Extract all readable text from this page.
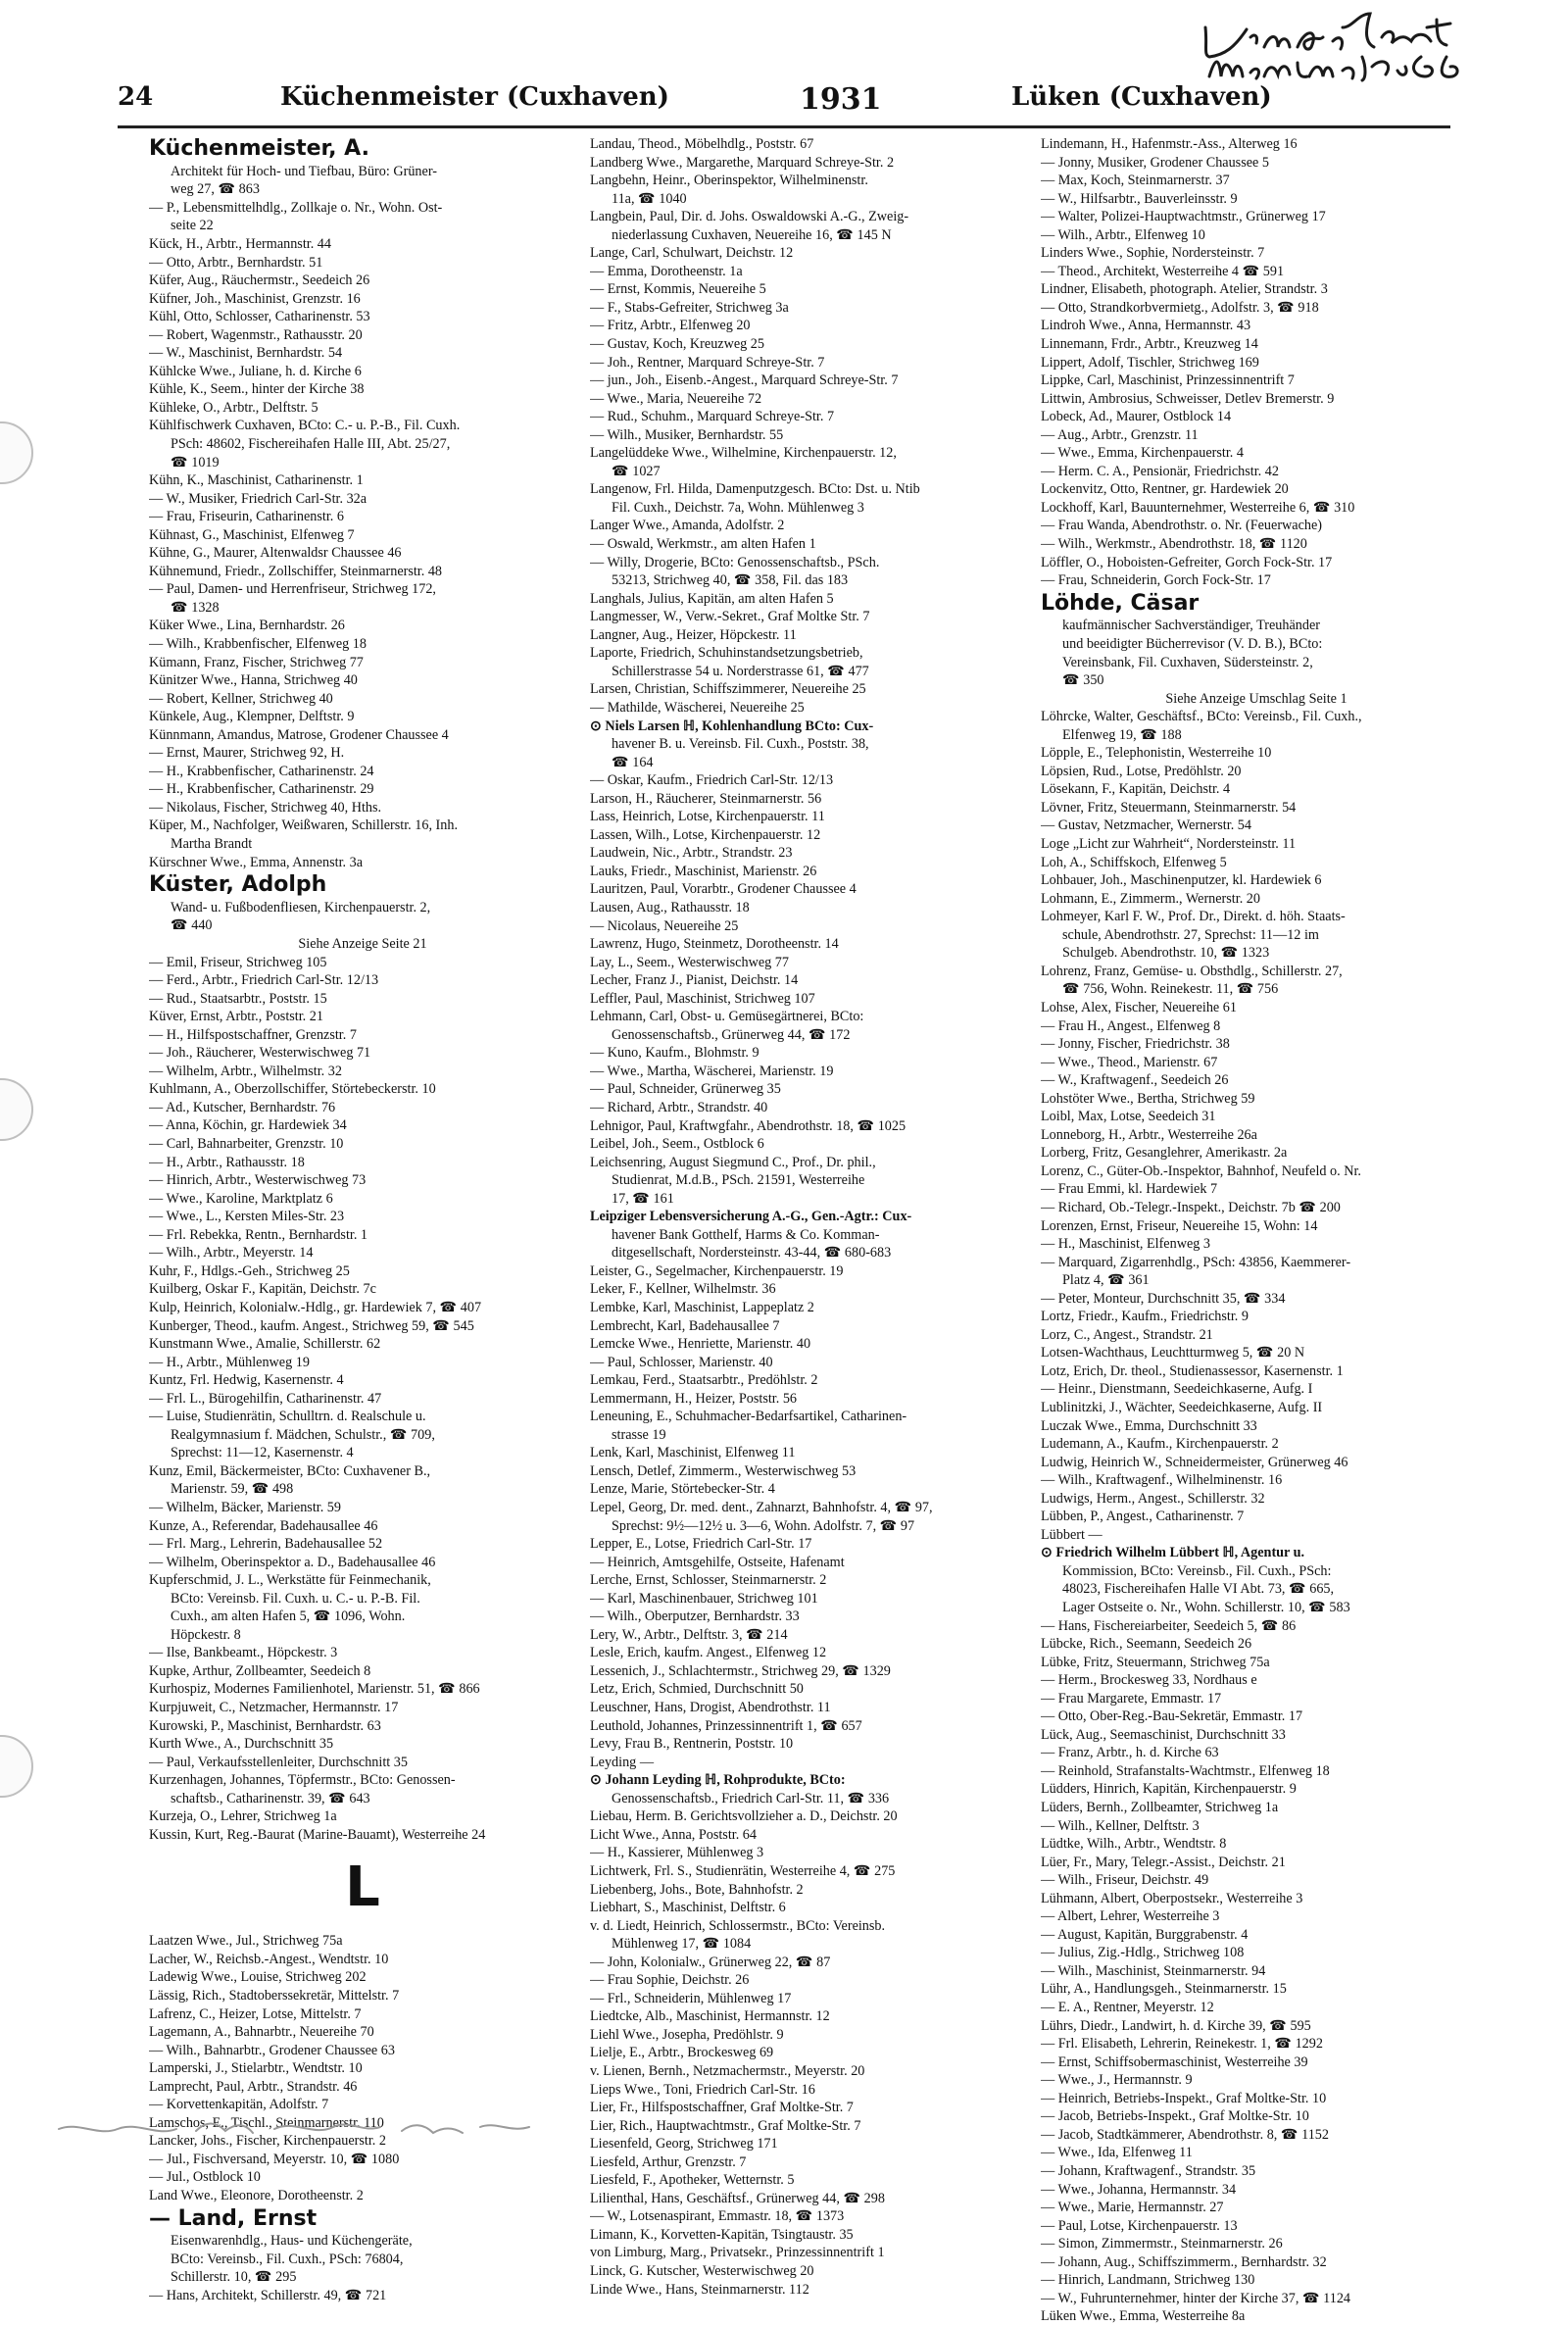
24	Küchenmeister (Cuxhaven)	1931	Lüken (Cuxhaven)
Küchenmeister, A.
Architekt für Hoch- und Tiefbau, Büro: Grüner-
weg 27, ☎ 863
— P., Lebensmittelhdlg., Zollkaje o. Nr., Wohn. Ost-
seite 22
Kück, H., Arbtr., Hermannstr. 44
— Otto, Arbtr., Bernhardstr. 51
Küfer, Aug., Räuchermstr., Seedeich 26
Küfner, Joh., Maschinist, Grenzstr. 16
Kühl, Otto, Schlosser, Catharinenstr. 53
— Robert, Wagenmstr., Rathausstr. 20
— W., Maschinist, Bernhardstr. 54
Kühlcke Wwe., Juliane, h. d. Kirche 6
Kühle, K., Seem., hinter der Kirche 38
Kühleke, O., Arbtr., Delftstr. 5
Kühlfischwerk Cuxhaven, BCto: C.- u. P.-B., Fil. Cuxh.
PSch: 48602, Fischereihafen Halle III, Abt. 25/27,
☎ 1019
Kühn, K., Maschinist, Catharinenstr. 1
— W., Musiker, Friedrich Carl-Str. 32a
— Frau, Friseurin, Catharinenstr. 6
Kühnast, G., Maschinist, Elfenweg 7
Kühne, G., Maurer, Altenwaldsr Chaussee 46
Kühnemund, Friedr., Zollschiffer, Steinmarnerstr. 48
— Paul, Damen- und Herrenfriseur, Strichweg 172,
☎ 1328
Küker Wwe., Lina, Bernhardstr. 26
— Wilh., Krabbenfischer, Elfenweg 18
Kümann, Franz, Fischer, Strichweg 77
Künitzer Wwe., Hanna, Strichweg 40
— Robert, Kellner, Strichweg 40
Künkele, Aug., Klempner, Delftstr. 9
Künnmann, Amandus, Matrose, Grodener Chaussee 4
— Ernst, Maurer, Strichweg 92, H.
— H., Krabbenfischer, Catharinenstr. 24
— H., Krabbenfischer, Catharinenstr. 29
— Nikolaus, Fischer, Strichweg 40, Hths.
Küper, M., Nachfolger, Weißwaren, Schillerstr. 16, Inh.
Martha Brandt
Kürschner Wwe., Emma, Annenstr. 3a
Küster, Adolph
Wand- u. Fußbodenfliesen, Kirchenpauerstr. 2,
☎ 440
Siehe Anzeige Seite 21
— Emil, Friseur, Strichweg 105
— Ferd., Arbtr., Friedrich Carl-Str. 12/13
— Rud., Staatsarbtr., Poststr. 15
Küver, Ernst, Arbtr., Poststr. 21
— H., Hilfspostschaffner, Grenzstr. 7
— Joh., Räucherer, Westerwischweg 71
— Wilhelm, Arbtr., Wilhelmstr. 32
Kuhlmann, A., Oberzollschiffer, Störtebeckerstr. 10
— Ad., Kutscher, Bernhardstr. 76
— Anna, Köchin, gr. Hardewiek 34
— Carl, Bahnarbeiter, Grenzstr. 10
— H., Arbtr., Rathausstr. 18
— Hinrich, Arbtr., Westerwischweg 73
— Wwe., Karoline, Marktplatz 6
— Wwe., L., Kersten Miles-Str. 23
— Frl. Rebekka, Rentn., Bernhardstr. 1
— Wilh., Arbtr., Meyerstr. 14
Kuhr, F., Hdlgs.-Geh., Strichweg 25
Kuilberg, Oskar F., Kapitän, Deichstr. 7c
Kulp, Heinrich, Kolonialw.-Hdlg., gr. Hardewiek 7, ☎ 407
Kunberger, Theod., kaufm. Angest., Strichweg 59, ☎ 545
Kunstmann Wwe., Amalie, Schillerstr. 62
— H., Arbtr., Mühlenweg 19
Kuntz, Frl. Hedwig, Kasernenstr. 4
— Frl. L., Bürogehilfin, Catharinenstr. 47
— Luise, Studienrätin, Schulltrn. d. Realschule u.
Realgymnasium f. Mädchen, Schulstr., ☎ 709,
Sprechst: 11—12, Kasernenstr. 4
Kunz, Emil, Bäckermeister, BCto: Cuxhavener B.,
Marienstr. 59, ☎ 498
— Wilhelm, Bäcker, Marienstr. 59
Kunze, A., Referendar, Badehausallee 46
— Frl. Marg., Lehrerin, Badehausallee 52
— Wilhelm, Oberinspektor a. D., Badehausallee 46
Kupferschmid, J. L., Werkstätte für Feinmechanik,
BCto: Vereinsb. Fil. Cuxh. u. C.- u. P.-B. Fil.
Cuxh., am alten Hafen 5, ☎ 1096, Wohn.
Höpckestr. 8
— Ilse, Bankbeamt., Höpckestr. 3
Kupke, Arthur, Zollbeamter, Seedeich 8
Kurhospiz, Modernes Familienhotel, Marienstr. 51, ☎ 866
Kurpjuweit, C., Netzmacher, Hermannstr. 17
Kurowski, P., Maschinist, Bernhardstr. 63
Kurth Wwe., A., Durchschnitt 35
— Paul, Verkaufsstellenleiter, Durchschnitt 35
Kurzenhagen, Johannes, Töpfermstr., BCto: Genossen-
schaftsb., Catharinenstr. 39, ☎ 643
Kurzeja, O., Lehrer, Strichweg 1a
Kussin, Kurt, Reg.-Baurat (Marine-Bauamt), Westerreihe 24
L
Laatzen Wwe., Jul., Strichweg 75a
Lacher, W., Reichsb.-Angest., Wendtstr. 10
Ladewig Wwe., Louise, Strichweg 202
Lässig, Rich., Stadtoberssekretär, Mittelstr. 7
Lafrenz, C., Heizer, Lotse, Mittelstr. 7
Lagemann, A., Bahnarbtr., Neuereihe 70
— Wilh., Bahnarbtr., Grodener Chaussee 63
Lamperski, J., Stielarbtr., Wendtstr. 10
Lamprecht, Paul, Arbtr., Strandstr. 46
— Korvettenkapitän, Adolfstr. 7
Lamschos, E., Tischl., Steinmarnerstr. 110
Lancker, Johs., Fischer, Kirchenpauerstr. 2
— Jul., Fischversand, Meyerstr. 10, ☎ 1080
— Jul., Ostblock 10
Land Wwe., Eleonore, Dorotheenstr. 2
— Land, Ernst
Eisenwarenhdlg., Haus- und Küchengeräte,
BCto: Vereinsb., Fil. Cuxh., PSch: 76804,
Schillerstr. 10, ☎ 295
— Hans, Architekt, Schillerstr. 49, ☎ 721
Landau, Theod., Möbelhdlg., Poststr. 67
Landberg Wwe., Margarethe, Marquard Schreye-Str. 2
Langbehn, Heinr., Oberinspektor, Wilhelminenstr.
11a, ☎ 1040
Langbein, Paul, Dir. d. Johs. Oswaldowski A.-G., Zweig-
niederlassung Cuxhaven, Neuereihe 16, ☎ 145 N
Lange, Carl, Schulwart, Deichstr. 12
— Emma, Dorotheenstr. 1a
— Ernst, Kommis, Neuereihe 5
— F., Stabs-Gefreiter, Strichweg 3a
— Fritz, Arbtr., Elfenweg 20
— Gustav, Koch, Kreuzweg 25
— Joh., Rentner, Marquard Schreye-Str. 7
— jun., Joh., Eisenb.-Angest., Marquard Schreye-Str. 7
— Wwe., Maria, Neuereihe 72
— Rud., Schuhm., Marquard Schreye-Str. 7
— Wilh., Musiker, Bernhardstr. 55
Langelüddeke Wwe., Wilhelmine, Kirchenpauerstr. 12,
☎ 1027
Langenow, Frl. Hilda, Damenputzgesch. BCto: Dst. u. Ntib
Fil. Cuxh., Deichstr. 7a, Wohn. Mühlenweg 3
Langer Wwe., Amanda, Adolfstr. 2
— Oswald, Werkmstr., am alten Hafen 1
— Willy, Drogerie, BCto: Genossenschaftsb., PSch.
53213, Strichweg 40, ☎ 358, Fil. das 183
Langhals, Julius, Kapitän, am alten Hafen 5
Langmesser, W., Verw.-Sekret., Graf Moltke Str. 7
Langner, Aug., Heizer, Höpckestr. 11
Laporte, Friedrich, Schuhinstandsetzungsbetrieb,
Schillerstrasse 54 u. Norderstrasse 61, ☎ 477
Larsen, Christian, Schiffszimmerer, Neuereihe 25
— Mathilde, Wäscherei, Neuereihe 25
⊙ Niels Larsen ℍ, Kohlenhandlung BCto: Cux-
havener B. u. Vereinsb. Fil. Cuxh., Poststr. 38,
☎ 164
— Oskar, Kaufm., Friedrich Carl-Str. 12/13
Larson, H., Räucherer, Steinmarnerstr. 56
Lass, Heinrich, Lotse, Kirchenpauerstr. 11
Lassen, Wilh., Lotse, Kirchenpauerstr. 12
Laudwein, Nic., Arbtr., Strandstr. 23
Lauks, Friedr., Maschinist, Marienstr. 26
Lauritzen, Paul, Vorarbtr., Grodener Chaussee 4
Lausen, Aug., Rathausstr. 18
— Nicolaus, Neuereihe 25
Lawrenz, Hugo, Steinmetz, Dorotheenstr. 14
Lay, L., Seem., Westerwischweg 77
Lecher, Franz J., Pianist, Deichstr. 14
Leffler, Paul, Maschinist, Strichweg 107
Lehmann, Carl, Obst- u. Gemüsegärtnerei, BCto:
Genossenschaftsb., Grünerweg 44, ☎ 172
— Kuno, Kaufm., Blohmstr. 9
— Wwe., Martha, Wäscherei, Marienstr. 19
— Paul, Schneider, Grünerweg 35
— Richard, Arbtr., Strandstr. 40
Lehnigor, Paul, Kraftwgfahr., Abendrothstr. 18, ☎ 1025
Leibel, Joh., Seem., Ostblock 6
Leichsenring, August Siegmund C., Prof., Dr. phil.,
Studienrat, M.d.B., PSch. 21591, Westerreihe
17, ☎ 161
Leipziger Lebensversicherung A.-G., Gen.-Agtr.: Cux-
havener Bank Gotthelf, Harms & Co. Komman-
ditgesellschaft, Nordersteinstr. 43-44, ☎ 680-683
Leister, G., Segelmacher, Kirchenpauerstr. 19
Leker, F., Kellner, Wilhelmstr. 36
Lembke, Karl, Maschinist, Lappeplatz 2
Lembrecht, Karl, Badehausallee 7
Lemcke Wwe., Henriette, Marienstr. 40
— Paul, Schlosser, Marienstr. 40
Lemkau, Ferd., Staatsarbtr., Predöhlstr. 2
Lemmermann, H., Heizer, Poststr. 56
Leneuning, E., Schuhmacher-Bedarfsartikel, Catharinen-
strasse 19
Lenk, Karl, Maschinist, Elfenweg 11
Lensch, Detlef, Zimmerm., Westerwischweg 53
Lenze, Marie, Störtebecker-Str. 4
Lepel, Georg, Dr. med. dent., Zahnarzt, Bahnhofstr. 4, ☎ 97,
Sprechst: 9½—12½ u. 3—6, Wohn. Adolfstr. 7, ☎ 97
Lepper, E., Lotse, Friedrich Carl-Str. 17
— Heinrich, Amtsgehilfe, Ostseite, Hafenamt
Lerche, Ernst, Schlosser, Steinmarnerstr. 2
— Karl, Maschinenbauer, Strichweg 101
— Wilh., Oberputzer, Bernhardstr. 33
Lery, W., Arbtr., Delftstr. 3, ☎ 214
Lesle, Erich, kaufm. Angest., Elfenweg 12
Lessenich, J., Schlachtermstr., Strichweg 29, ☎ 1329
Letz, Erich, Schmied, Durchschnitt 50
Leuschner, Hans, Drogist, Abendrothstr. 11
Leuthold, Johannes, Prinzessinnentrift 1, ☎ 657
Levy, Frau B., Rentnerin, Poststr. 10
Leyding —
⊙ Johann Leyding ℍ, Rohprodukte, BCto:
Genossenschaftsb., Friedrich Carl-Str. 11, ☎ 336
Liebau, Herm. B. Gerichtsvollzieher a. D., Deichstr. 20
Licht Wwe., Anna, Poststr. 64
— H., Kassierer, Mühlenweg 3
Lichtwerk, Frl. S., Studienrätin, Westerreihe 4, ☎ 275
Liebenberg, Johs., Bote, Bahnhofstr. 2
Liebhart, S., Maschinist, Delftstr. 6
v. d. Liedt, Heinrich, Schlossermstr., BCto: Vereinsb.
Mühlenweg 17, ☎ 1084
— John, Kolonialw., Grünerweg 22, ☎ 87
— Frau Sophie, Deichstr. 26
— Frl., Schneiderin, Mühlenweg 17
Liedtcke, Alb., Maschinist, Hermannstr. 12
Liehl Wwe., Josepha, Predöhlstr. 9
Lielje, E., Arbtr., Brockesweg 69
v. Lienen, Bernh., Netzmachermstr., Meyerstr. 20
Lieps Wwe., Toni, Friedrich Carl-Str. 16
Lier, Fr., Hilfspostschaffner, Graf Moltke-Str. 7
Lier, Rich., Hauptwachtmstr., Graf Moltke-Str. 7
Liesenfeld, Georg, Strichweg 171
Liesfeld, Arthur, Grenzstr. 7
Liesfeld, F., Apotheker, Wetternstr. 5
Lilienthal, Hans, Geschäftsf., Grünerweg 44, ☎ 298
— W., Lotsenaspirant, Emmastr. 18, ☎ 1373
Limann, K., Korvetten-Kapitän, Tsingtaustr. 35
von Limburg, Marg., Privatsekr., Prinzessinnentrift 1
Linck, G. Kutscher, Westerwischweg 20
Linde Wwe., Hans, Steinmarnerstr. 112
Lindemann, H., Hafenmstr.-Ass., Alterweg 16
— Jonny, Musiker, Grodener Chaussee 5
— Max, Koch, Steinmarnerstr. 37
— W., Hilfsarbtr., Bauverleinsstr. 9
— Walter, Polizei-Hauptwachtmstr., Grünerweg 17
— Wilh., Arbtr., Elfenweg 10
Linders Wwe., Sophie, Nordersteinstr. 7
— Theod., Architekt, Westerreihe 4 ☎ 591
Lindner, Elisabeth, photograph. Atelier, Strandstr. 3
— Otto, Strandkorbvermietg., Adolfstr. 3, ☎ 918
Lindroh Wwe., Anna, Hermannstr. 43
Linnemann, Frdr., Arbtr., Kreuzweg 14
Lippert, Adolf, Tischler, Strichweg 169
Lippke, Carl, Maschinist, Prinzessinnentrift 7
Littwin, Ambrosius, Schweisser, Detlev Bremerstr. 9
Lobeck, Ad., Maurer, Ostblock 14
— Aug., Arbtr., Grenzstr. 11
— Wwe., Emma, Kirchenpauerstr. 4
— Herm. C. A., Pensionär, Friedrichstr. 42
Lockenvitz, Otto, Rentner, gr. Hardewiek 20
Lockhoff, Karl, Bauunternehmer, Westerreihe 6, ☎ 310
— Frau Wanda, Abendrothstr. o. Nr. (Feuerwache)
— Wilh., Werkmstr., Abendrothstr. 18, ☎ 1120
Löffler, O., Hoboisten-Gefreiter, Gorch Fock-Str. 17
— Frau, Schneiderin, Gorch Fock-Str. 17
Löhde, Cäsar
kaufmännischer Sachverständiger, Treuhänder
und beeidigter Bücherrevisor (V. D. B.), BCto:
Vereinsbank, Fil. Cuxhaven, Südersteinstr. 2,
☎ 350
Siehe Anzeige Umschlag Seite 1
Löhrcke, Walter, Geschäftsf., BCto: Vereinsb., Fil. Cuxh.,
Elfenweg 19, ☎ 188
Löpple, E., Telephonistin, Westerreihe 10
Löpsien, Rud., Lotse, Predöhlstr. 20
Lösekann, F., Kapitän, Deichstr. 4
Lövner, Fritz, Steuermann, Steinmarnerstr. 54
— Gustav, Netzmacher, Wernerstr. 54
Loge „Licht zur Wahrheit“, Nordersteinstr. 11
Loh, A., Schiffskoch, Elfenweg 5
Lohbauer, Joh., Maschinenputzer, kl. Hardewiek 6
Lohmann, E., Zimmerm., Wernerstr. 20
Lohmeyer, Karl F. W., Prof. Dr., Direkt. d. höh. Staats-
schule, Abendrothstr. 27, Sprechst: 11—12 im
Schulgeb. Abendrothstr. 10, ☎ 1323
Lohrenz, Franz, Gemüse- u. Obsthdlg., Schillerstr. 27,
☎ 756, Wohn. Reinekestr. 11, ☎ 756
Lohse, Alex, Fischer, Neuereihe 61
— Frau H., Angest., Elfenweg 8
— Jonny, Fischer, Friedrichstr. 38
— Wwe., Theod., Marienstr. 67
— W., Kraftwagenf., Seedeich 26
Lohstöter Wwe., Bertha, Strichweg 59
Loibl, Max, Lotse, Seedeich 31
Lonneborg, H., Arbtr., Westerreihe 26a
Lorberg, Fritz, Gesanglehrer, Amerikastr. 2a
Lorenz, C., Güter-Ob.-Inspektor, Bahnhof, Neufeld o. Nr.
— Frau Emmi, kl. Hardewiek 7
— Richard, Ob.-Telegr.-Inspekt., Deichstr. 7b ☎ 200
Lorenzen, Ernst, Friseur, Neuereihe 15, Wohn: 14
— H., Maschinist, Elfenweg 3
— Marquard, Zigarrenhdlg., PSch: 43856, Kaemmerer-
Platz 4, ☎ 361
— Peter, Monteur, Durchschnitt 35, ☎ 334
Lortz, Friedr., Kaufm., Friedrichstr. 9
Lorz, C., Angest., Strandstr. 21
Lotsen-Wachthaus, Leuchtturmweg 5, ☎ 20 N
Lotz, Erich, Dr. theol., Studienassessor, Kasernenstr. 1
— Heinr., Dienstmann, Seedeichkaserne, Aufg. I
Lublinitzki, J., Wächter, Seedeichkaserne, Aufg. II
Luczak Wwe., Emma, Durchschnitt 33
Ludemann, A., Kaufm., Kirchenpauerstr. 2
Ludwig, Heinrich W., Schneidermeister, Grünerweg 46
— Wilh., Kraftwagenf., Wilhelminenstr. 16
Ludwigs, Herm., Angest., Schillerstr. 32
Lübben, P., Angest., Catharinenstr. 7
Lübbert —
⊙ Friedrich Wilhelm Lübbert ℍ, Agentur u.
Kommission, BCto: Vereinsb., Fil. Cuxh., PSch:
48023, Fischereihafen Halle VI Abt. 73, ☎ 665,
Lager Ostseite o. Nr., Wohn. Schillerstr. 10, ☎ 583
— Hans, Fischereiarbeiter, Seedeich 5, ☎ 86
Lübcke, Rich., Seemann, Seedeich 26
Lübke, Fritz, Steuermann, Strichweg 75a
— Herm., Brockesweg 33, Nordhaus e
— Frau Margarete, Emmastr. 17
— Otto, Ober-Reg.-Bau-Sekretär, Emmastr. 17
Lück, Aug., Seemaschinist, Durchschnitt 33
— Franz, Arbtr., h. d. Kirche 63
— Reinhold, Strafanstalts-Wachtmstr., Elfenweg 18
Lüdders, Hinrich, Kapitän, Kirchenpauerstr. 9
Lüders, Bernh., Zollbeamter, Strichweg 1a
— Wilh., Kellner, Delftstr. 3
Lüdtke, Wilh., Arbtr., Wendtstr. 8
Lüer, Fr., Mary, Telegr.-Assist., Deichstr. 21
— Wilh., Friseur, Deichstr. 49
Lühmann, Albert, Oberpostsekr., Westerreihe 3
— Albert, Lehrer, Westerreihe 3
— August, Kapitän, Burggrabenstr. 4
— Julius, Zig.-Hdlg., Strichweg 108
— Wilh., Maschinist, Steinmarnerstr. 94
Lühr, A., Handlungsgeh., Steinmarnerstr. 15
— E. A., Rentner, Meyerstr. 12
Lührs, Diedr., Landwirt, h. d. Kirche 39, ☎ 595
— Frl. Elisabeth, Lehrerin, Reinekestr. 1, ☎ 1292
— Ernst, Schiffsobermaschinist, Westerreihe 39
— Wwe., J., Hermannstr. 9
— Heinrich, Betriebs-Inspekt., Graf Moltke-Str. 10
— Jacob, Betriebs-Inspekt., Graf Moltke-Str. 10
— Jacob, Stadtkämmerer, Abendrothstr. 8, ☎ 1152
— Wwe., Ida, Elfenweg 11
— Johann, Kraftwagenf., Strandstr. 35
— Wwe., Johanna, Hermannstr. 34
— Wwe., Marie, Hermannstr. 27
— Paul, Lotse, Kirchenpauerstr. 13
— Simon, Zimmermstr., Steinmarnerstr. 26
— Johann, Aug., Schiffszimmerm., Bernhardstr. 32
— Hinrich, Landmann, Strichweg 130
— W., Fuhrunternehmer, hinter der Kirche 37, ☎ 1124
Lüken Wwe., Emma, Westerreihe 8a
